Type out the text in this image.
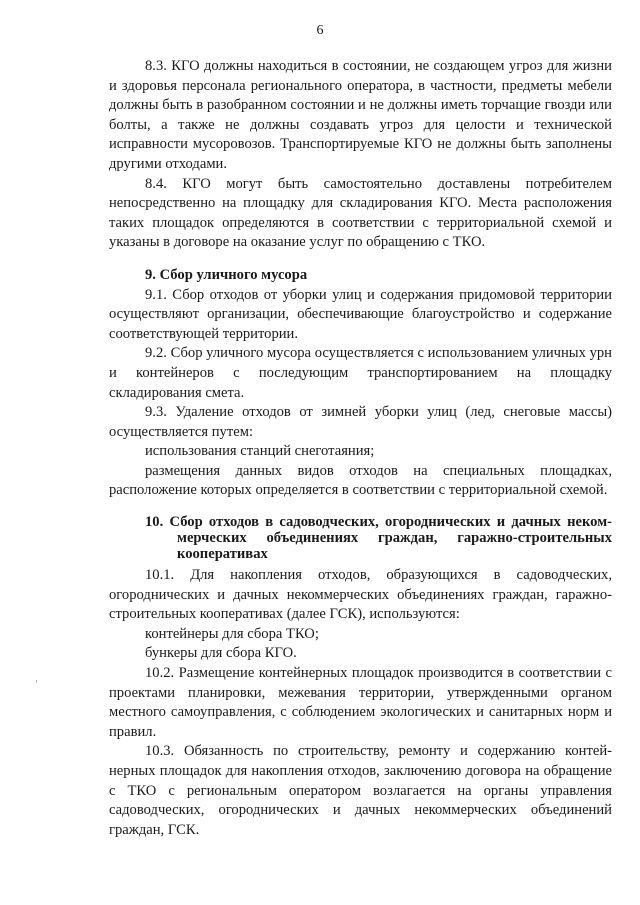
6

8.3. КГО должны находиться в состоянии, не создающем угроз для жизни и здоровья персонала регионального оператора, в частности, предметы мебели должны быть в разобранном состоянии и не должны иметь торчащие гвозди или болты, а также не должны создавать угроз для целости и технической исправности мусоровозов. Транспортируемые КГО не должны быть заполнены другими отходами.

8.4. КГО могут быть самостоятельно доставлены потребителем непосредственно на площадку для складирования КГО. Места расположения таких площадок определяются в соответствии с территориальной схемой и указаны в договоре на оказание услуг по обращению с ТКО.

9. Сбор уличного мусора

9.1. Сбор отходов от уборки улиц и содержания придомовой территории осуществляют организации, обеспечивающие благоустройство и содержание соответствующей территории.

9.2. Сбор уличного мусора осуществляется с использованием уличных урн и контейнеров с последующим транспортированием на площадку складирования смета.

9.3. Удаление отходов от зимней уборки улиц (лед, снеговые массы) осуществляется путем:

использования станций снеготаяния;

размещения данных видов отходов на специальных площадках, расположение которых определяется в соответствии с территориальной схемой.

10. Сбор отходов в садоводческих, огороднических и дачных неком-мерческих объединениях граждан, гаражно-строительных кооперативах

10.1. Для накопления отходов, образующихся в садоводческих, огороднических и дачных некоммерческих объединениях граждан, гаражно-строительных кооперативах (далее ГСК), используются:

контейнеры для сбора ТКО;

бункеры для сбора КГО.

10.2. Размещение контейнерных площадок производится в соответствии с проектами планировки, межевания территории, утвержденными органом местного самоуправления, с соблюдением экологических и санитарных норм и правил.

10.3. Обязанность по строительству, ремонту и содержанию контей-нерных площадок для накопления отходов, заключению договора на обращение с ТКО с региональным оператором возлагается на органы управления садоводческих, огороднических и дачных некоммерческих объединений граждан, ГСК.
